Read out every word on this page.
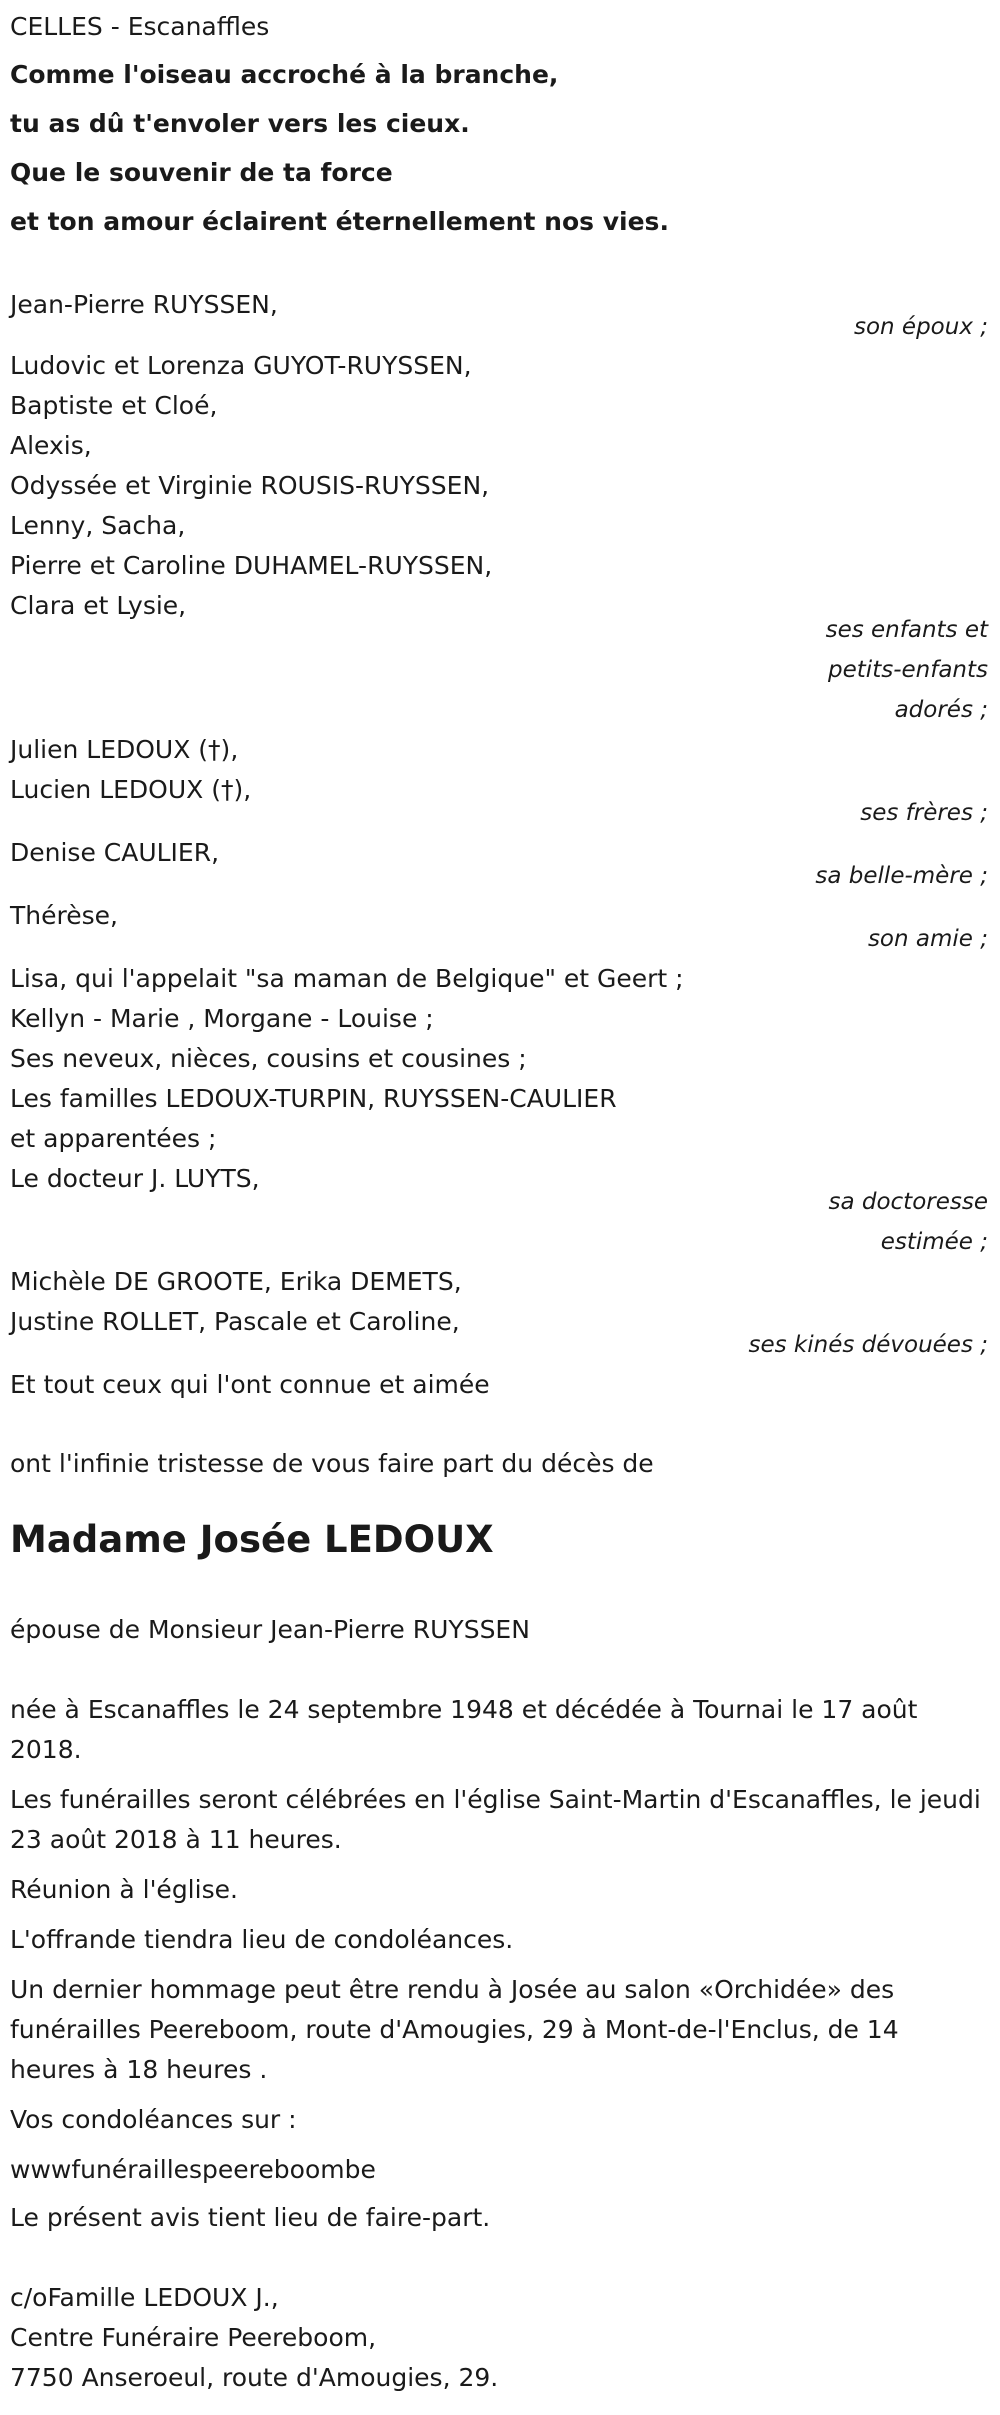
CELLES - Escanaffles

Comme l'oiseau accroché à la branche,

tu as dû t'envoler vers les cieux.

Que le souvenir de ta force

et ton amour éclairent éternellement nos vies.

Jean-Pierre RUYSSEN,

son époux ;

Ludovic et Lorenza GUYOT-RUYSSEN,

Baptiste et Cloé,

Alexis,

Odyssée et Virginie ROUSIS-RUYSSEN,

Lenny, Sacha,

Pierre et Caroline DUHAMEL-RUYSSEN,

Clara et Lysie,

ses enfants et

petits-enfants

adorés ;

Julien LEDOUX (†),

Lucien LEDOUX (†),

ses frères ;

Denise CAULIER,

sa belle-mère ;

Thérèse,

son amie ;

Lisa, qui l'appelait "sa maman de Belgique" et Geert ;

Kellyn - Marie , Morgane - Louise ;

Ses neveux, nièces, cousins et cousines ;

Les familles LEDOUX-TURPIN, RUYSSEN-CAULIER

et apparentées ;

Le docteur J. LUYTS,

sa doctoresse

estimée ;

Michèle DE GROOTE, Erika DEMETS,

Justine ROLLET, Pascale et Caroline,

ses kinés dévouées ;

Et tout ceux qui l'ont connue et aimée

ont l'infinie tristesse de vous faire part du décès de

Madame Josée LEDOUX

épouse de Monsieur Jean-Pierre RUYSSEN

née à Escanaffles le 24 septembre 1948 et décédée à Tournai le 17 août 2018.

Les funérailles seront célébrées en l'église Saint-Martin d'Escanaffles, le jeudi 23 août 2018 à 11 heures.

Réunion à l'église.

L'offrande tiendra lieu de condoléances.

Un dernier hommage peut être rendu à Josée au salon «Orchidée» des funérailles Peereboom, route d'Amougies, 29 à Mont-de-l'Enclus, de 14 heures à 18 heures .

Vos condoléances sur :

wwwfunéraillespeereboombe

Le présent avis tient lieu de faire-part.

c/oFamille LEDOUX J.,

Centre Funéraire Peereboom,

7750 Anseroeul, route d'Amougies, 29.
